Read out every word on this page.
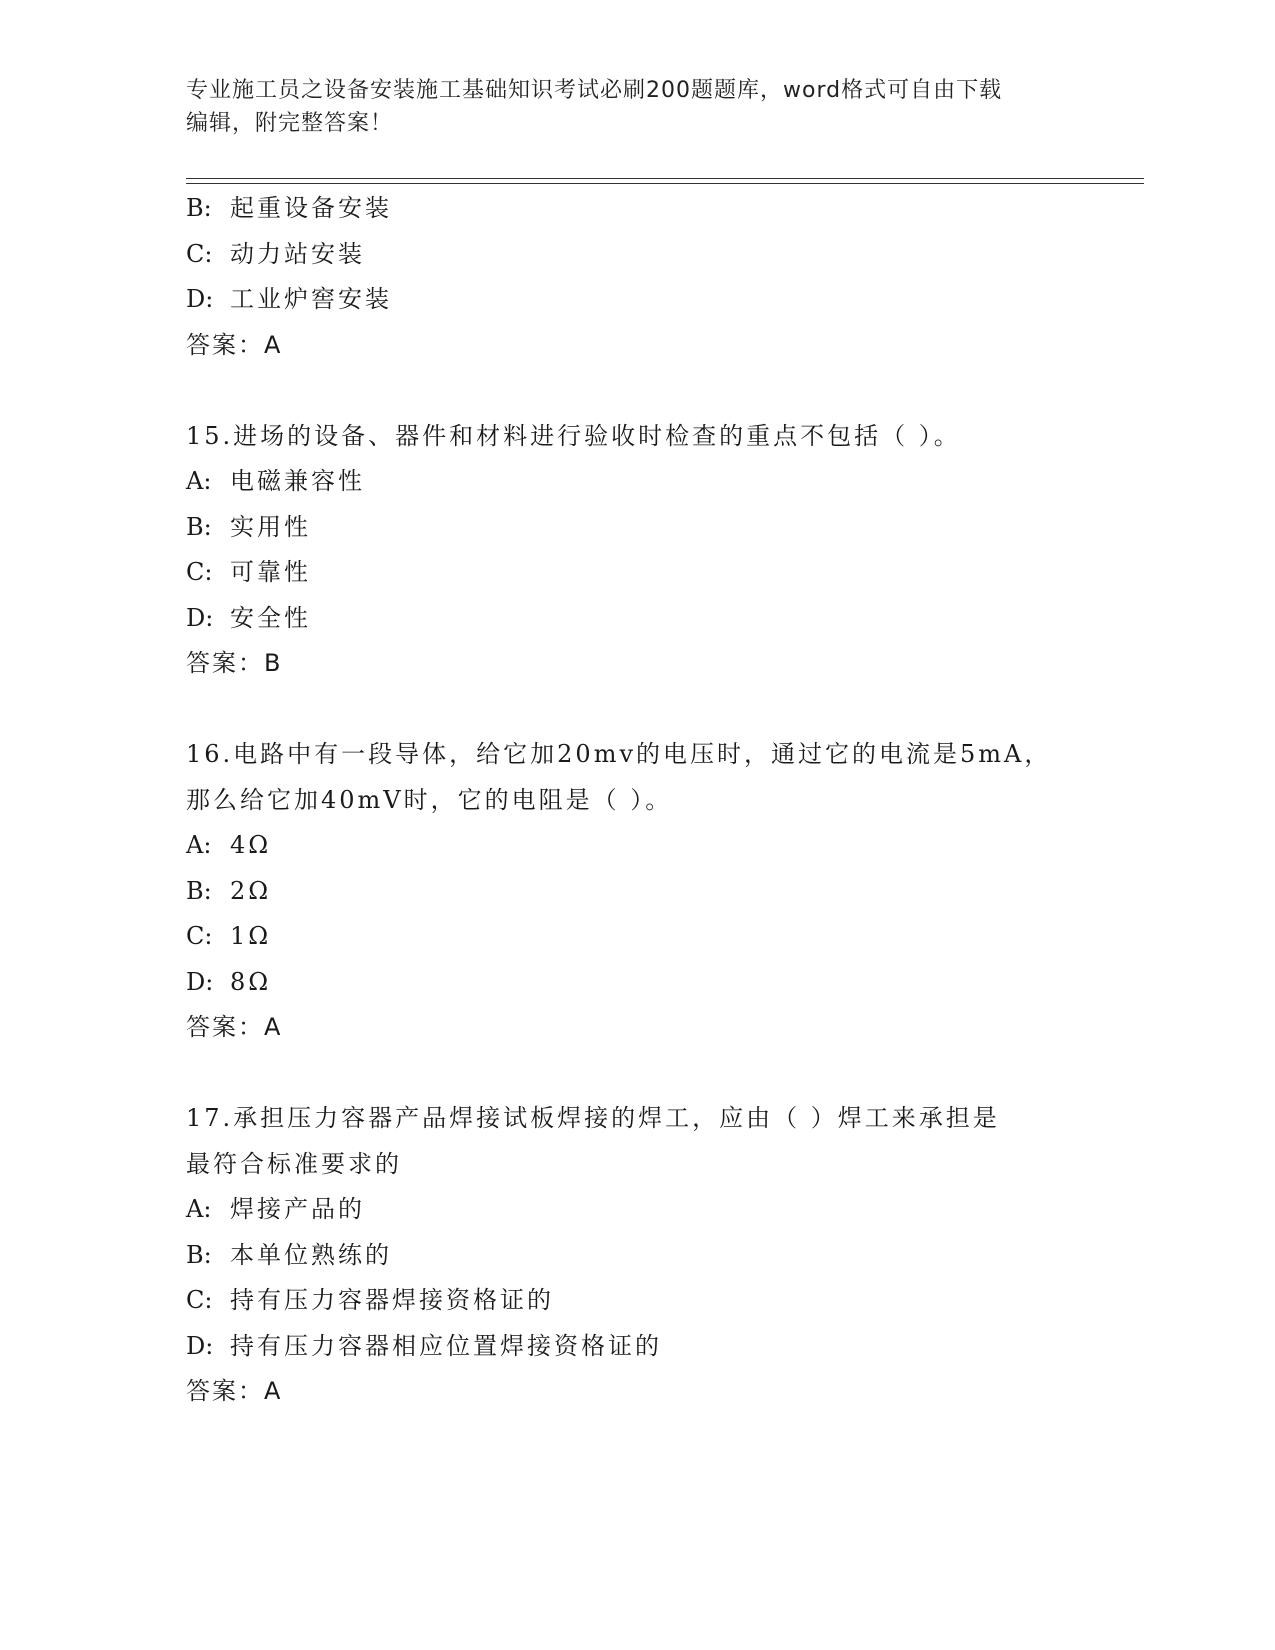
专业施工员之设备安装施工基础知识考试必刷200题题库，word格式可自由下载
编辑，附完整答案！
B: 起重设备安装
C: 动力站安装
D: 工业炉窖安装
答案：A
15.进场的设备、器件和材料进行验收时检查的重点不包括（ ）。
A: 电磁兼容性
B: 实用性
C: 可靠性
D: 安全性
答案：B
16.电路中有一段导体，给它加20mv的电压时，通过它的电流是5mA，
那么给它加40mV时，它的电阻是（ ）。
A: 4Ω
B: 2Ω
C: 1Ω
D: 8Ω
答案：A
17.承担压力容器产品焊接试板焊接的焊工，应由（ ）焊工来承担是
最符合标准要求的
A: 焊接产品的
B: 本单位熟练的
C: 持有压力容器焊接资格证的
D: 持有压力容器相应位置焊接资格证的
答案：A
